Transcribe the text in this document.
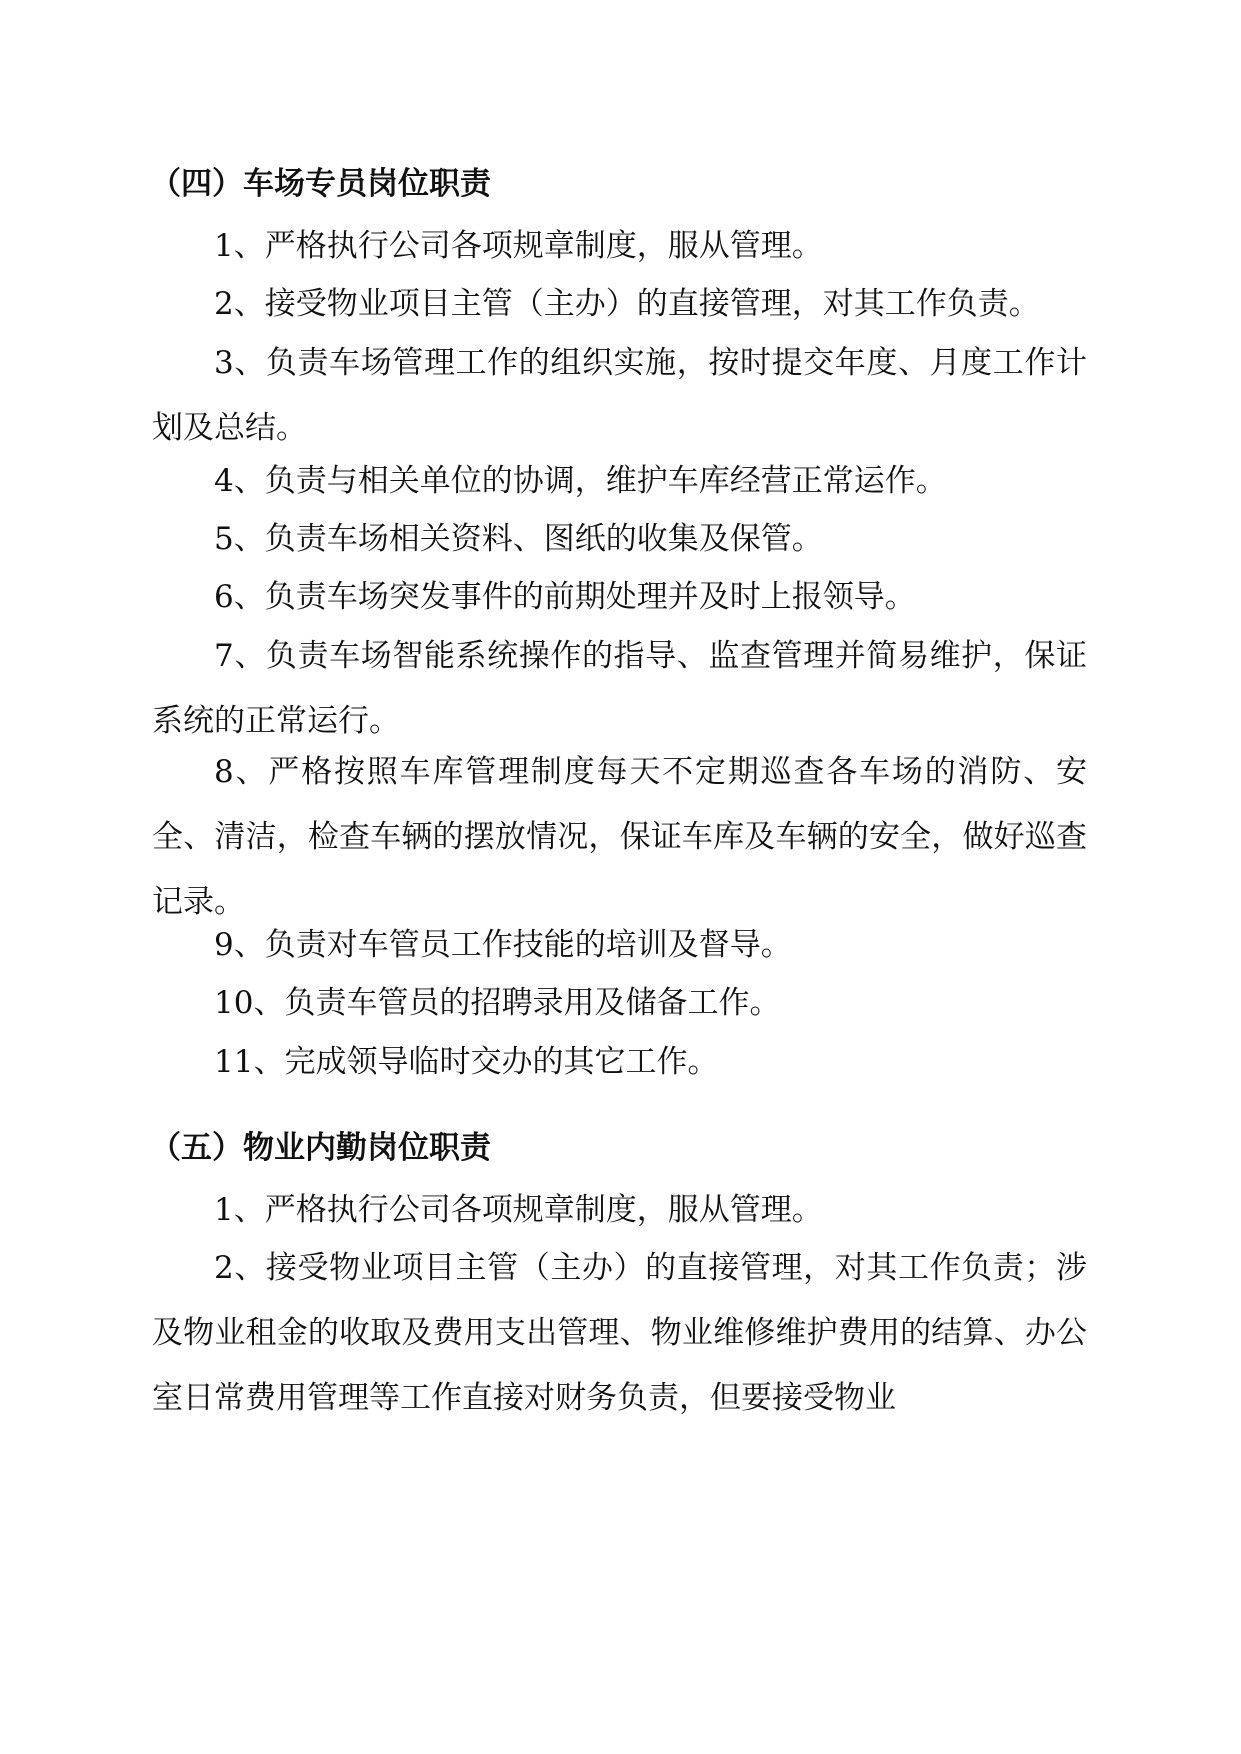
（四）车场专员岗位职责

1、严格执行公司各项规章制度，服从管理。

2、接受物业项目主管（主办）的直接管理，对其工作负责。

3、负责车场管理工作的组织实施，按时提交年度、月度工作计划及总结。

4、负责与相关单位的协调，维护车库经营正常运作。

5、负责车场相关资料、图纸的收集及保管。

6、负责车场突发事件的前期处理并及时上报领导。

7、负责车场智能系统操作的指导、监查管理并简易维护，保证系统的正常运行。

8、严格按照车库管理制度每天不定期巡查各车场的消防、安全、清洁，检查车辆的摆放情况，保证车库及车辆的安全，做好巡查记录。

9、负责对车管员工作技能的培训及督导。

10、负责车管员的招聘录用及储备工作。

11、完成领导临时交办的其它工作。

（五）物业内勤岗位职责

1、严格执行公司各项规章制度，服从管理。

2、接受物业项目主管（主办）的直接管理，对其工作负责；涉及物业租金的收取及费用支出管理、物业维修维护费用的结算、办公室日常费用管理等工作直接对财务负责，但要接受物业
